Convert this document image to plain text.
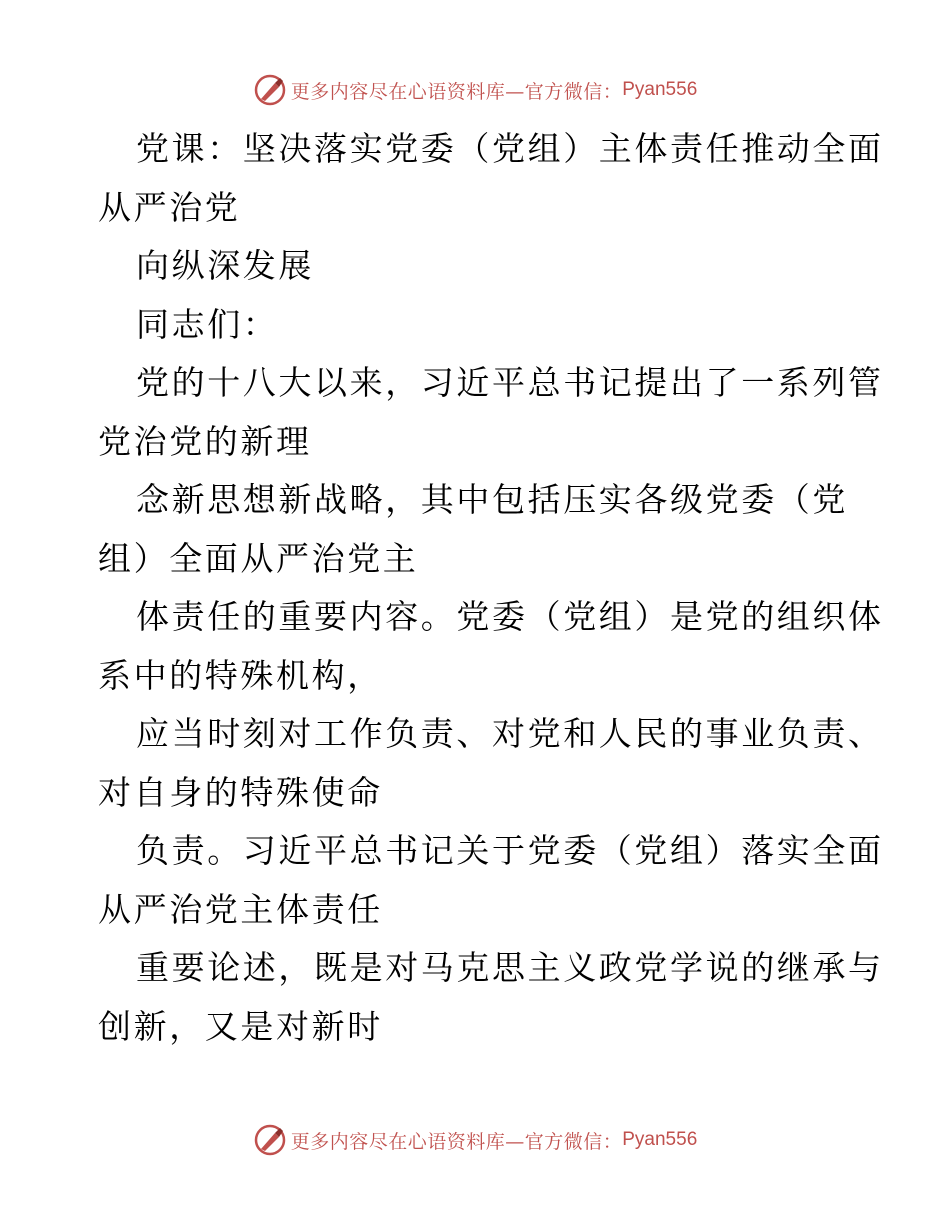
更多内容尽在心语资料库—官方微信： Pyan556
党课：坚决落实党委（党组）主体责任推动全面
从严治党
向纵深发展
同志们：
党的十八大以来，习近平总书记提出了一系列管
党治党的新理
念新思想新战略，其中包括压实各级党委（党
组）全面从严治党主
体责任的重要内容。党委（党组）是党的组织体
系中的特殊机构，
应当时刻对工作负责、对党和人民的事业负责、
对自身的特殊使命
负责。习近平总书记关于党委（党组）落实全面
从严治党主体责任
重要论述，既是对马克思主义政党学说的继承与
创新，又是对新时
更多内容尽在心语资料库—官方微信： Pyan556
